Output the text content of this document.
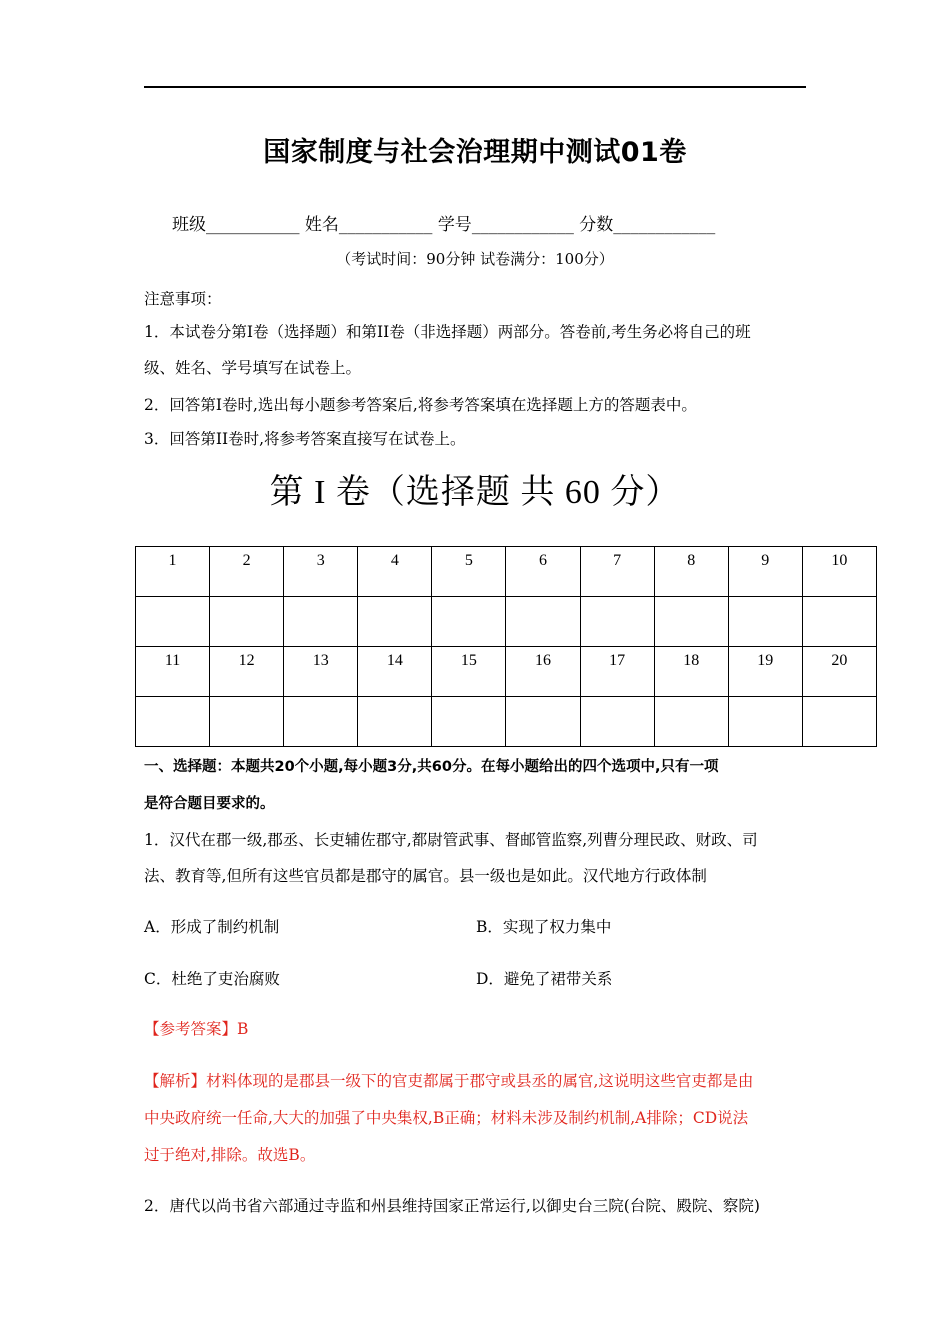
国家制度与社会治理期中测试01卷
班级___________ 姓名___________ 学号____________ 分数____________
（考试时间：90分钟 试卷满分：100分）
注意事项：
1．本试卷分第I卷（选择题）和第II卷（非选择题）两部分。答卷前,考生务必将自己的班
级、姓名、学号填写在试卷上。
2．回答第I卷时,选出每小题参考答案后,将参考答案填在选择题上方的答题表中。
3．回答第II卷时,将参考答案直接写在试卷上。
第 I 卷（选择题 共 60 分）
1	2	3	4	5	6	7	8	9	10

11	12	13	14	15	16	17	18	19	20

一、选择题：本题共20个小题,每小题3分,共60分。在每小题给出的四个选项中,只有一项
是符合题目要求的。
1．汉代在郡一级,郡丞、长吏辅佐郡守,都尉管武事、督邮管监察,列曹分理民政、财政、司
法、教育等,但所有这些官员都是郡守的属官。县一级也是如此。汉代地方行政体制
A．形成了制约机制	B．实现了权力集中
C．杜绝了吏治腐败	D．避免了裙带关系
【参考答案】B
【解析】材料体现的是郡县一级下的官吏都属于郡守或县丞的属官,这说明这些官吏都是由
中央政府统一任命,大大的加强了中央集权,B正确；材料未涉及制约机制,A排除；CD说法
过于绝对,排除。故选B。
2．唐代以尚书省六部通过寺监和州县维持国家正常运行,以御史台三院(台院、殿院、察院)
